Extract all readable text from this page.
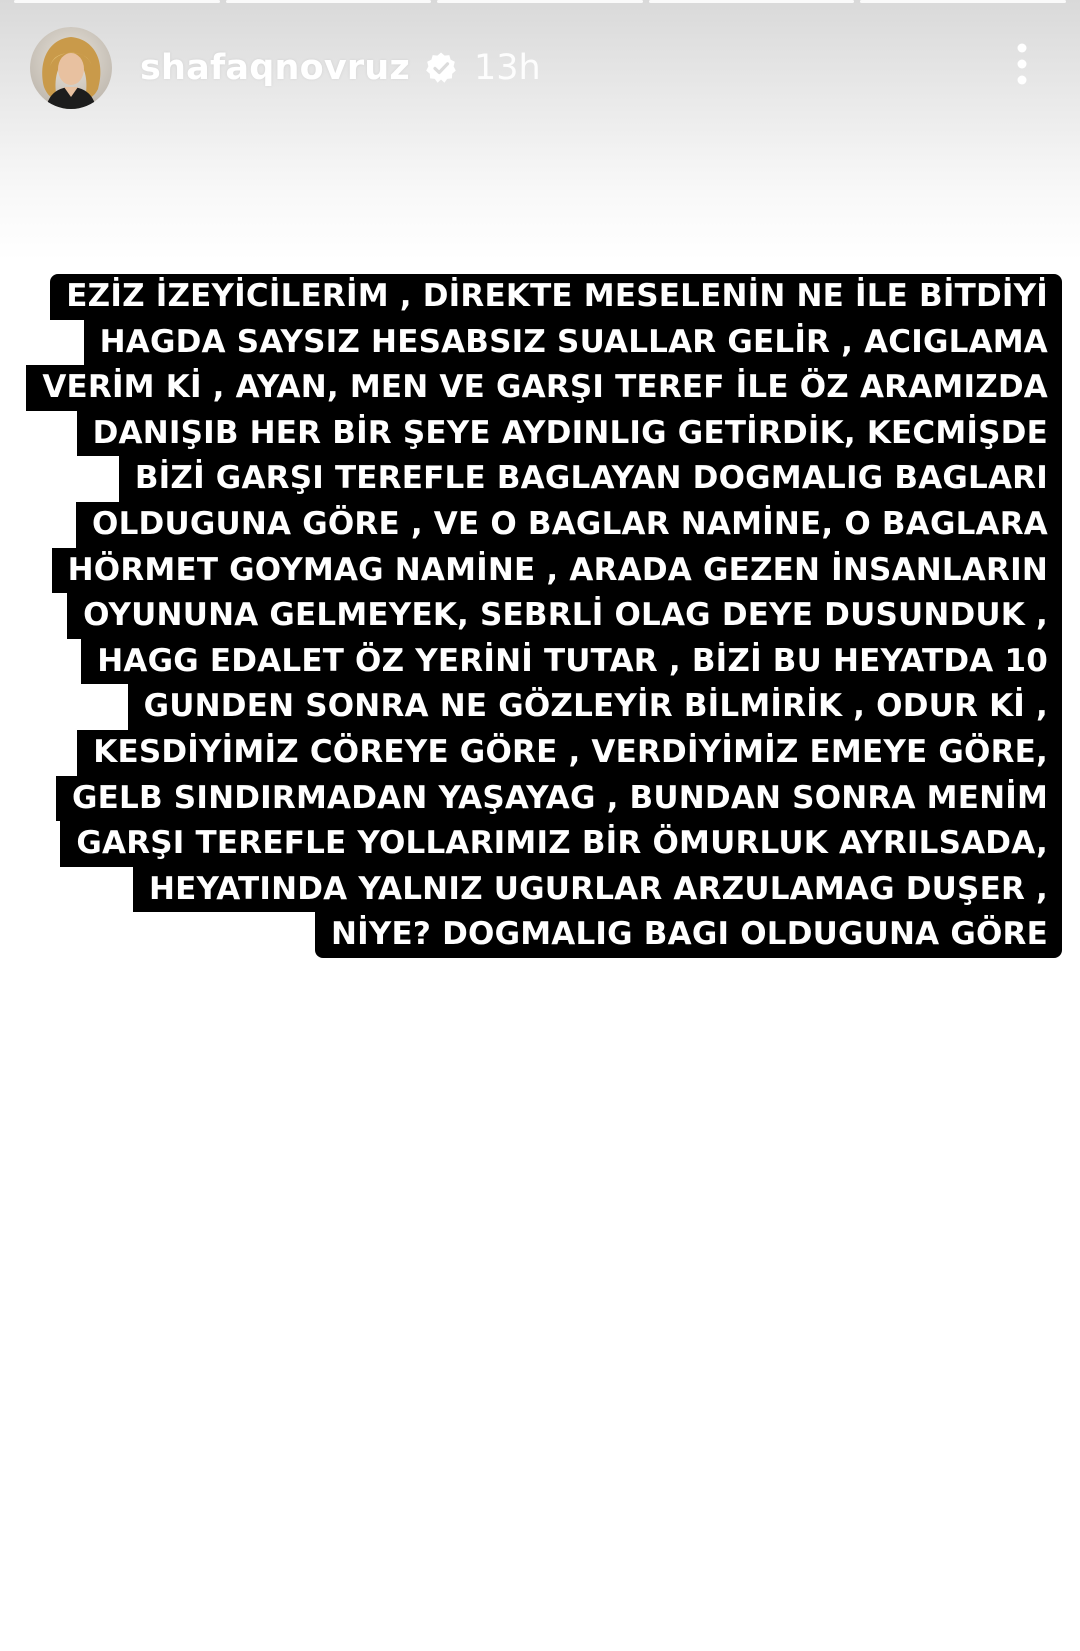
shafaqnovruz 13h
EZİZ İZEYİCİLERİM , DİREKTE MESELENİN NE İLE BİTDİYİ
HAGDA SAYSIZ HESABSIZ SUALLAR GELİR , ACIGLAMA
VERİM Kİ , AYAN, MEN VE GARŞI TEREF İLE ÖZ ARAMIZDA
DANIŞIB HER BİR ŞEYE AYDINLIG GETİRDİK, KECMİŞDE
BİZİ GARŞI TEREFLE BAGLAYAN DOGMALIG BAGLARI
OLDUGUNA GÖRE , VE O BAGLAR NAMİNE, O BAGLARA
HÖRMET GOYMAG NAMİNE , ARADA GEZEN İNSANLARIN
OYUNUNA GELMEYEK, SEBRLİ OLAG DEYE DUSUNDUK ,
HAGG EDALET ÖZ YERİNİ TUTAR , BİZİ BU HEYATDA 10
GUNDEN SONRA NE GÖZLEYİR BİLMİRİK , ODUR Kİ ,
KESDİYİMİZ CÖREYE GÖRE , VERDİYİMİZ EMEYE GÖRE,
GELB SINDIRMADAN YAŞAYAG , BUNDAN SONRA MENİM
GARŞI TEREFLE YOLLARIMIZ BİR ÖMURLUK AYRILSADA,
HEYATINDA YALNIZ UGURLAR ARZULAMAG DUŞER ,
NİYE? DOGMALIG BAGI OLDUGUNA GÖRE
